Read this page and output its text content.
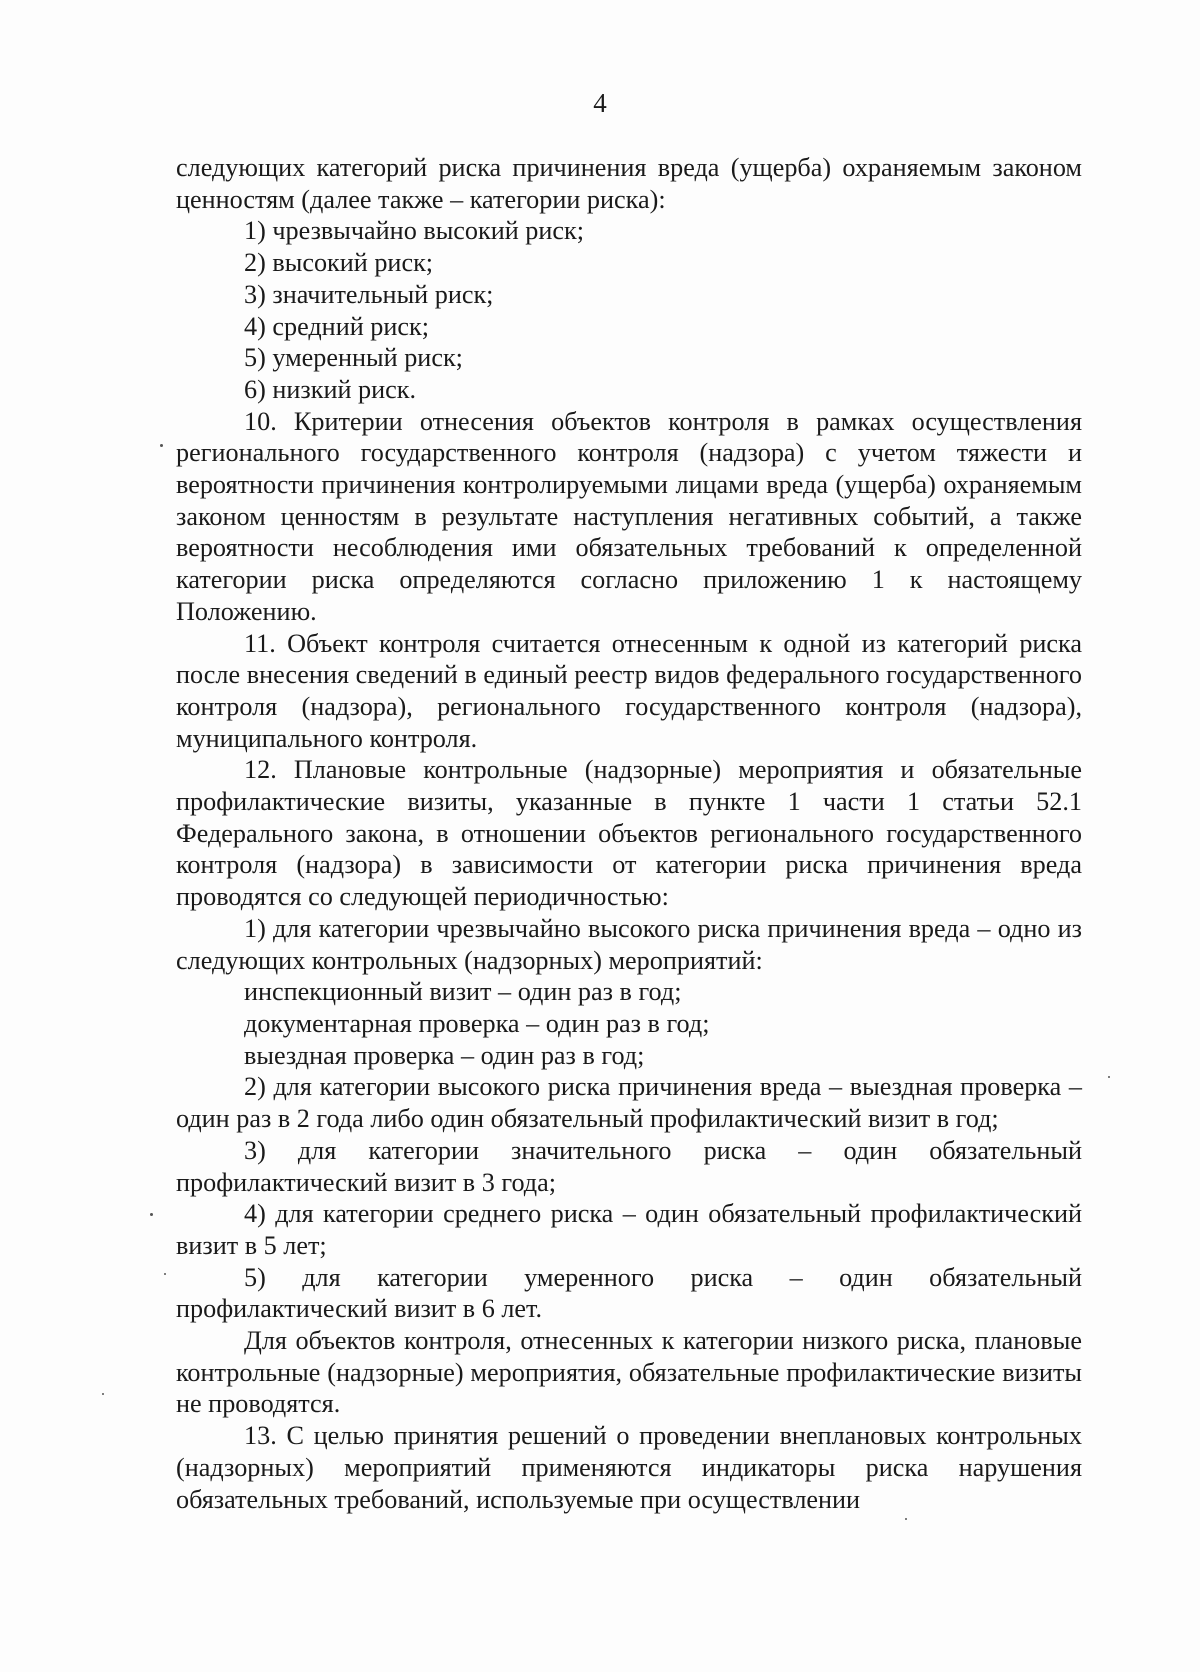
4

следующих категорий риска причинения вреда (ущерба) охраняемым законом ценностям (далее также – категории риска):

1) чрезвычайно высокий риск;

2) высокий риск;

3) значительный риск;

4) средний риск;

5) умеренный риск;

6) низкий риск.

10. Критерии отнесения объектов контроля в рамках осуществления регионального государственного контроля (надзора) с учетом тяжести и вероятности причинения контролируемыми лицами вреда (ущерба) охраняемым законом ценностям в результате наступления негативных событий, а также вероятности несоблюдения ими обязательных требований к определенной категории риска определяются согласно приложению 1 к настоящему Положению.

11. Объект контроля считается отнесенным к одной из категорий риска после внесения сведений в единый реестр видов федерального государственного контроля (надзора), регионального государственного контроля (надзора), муниципального контроля.

12. Плановые контрольные (надзорные) мероприятия и обязательные профилактические визиты, указанные в пункте 1 части 1 статьи 52.1 Федерального закона, в отношении объектов регионального государственного контроля (надзора) в зависимости от категории риска причинения вреда проводятся со следующей периодичностью:

1) для категории чрезвычайно высокого риска причинения вреда – одно из следующих контрольных (надзорных) мероприятий:

инспекционный визит – один раз в год;

документарная проверка – один раз в год;

выездная проверка – один раз в год;

2) для категории высокого риска причинения вреда – выездная проверка – один раз в 2 года либо один обязательный профилактический визит в год;

3) для категории значительного риска – один обязательный профилактический визит в 3 года;

4) для категории среднего риска – один обязательный профилактический визит в 5 лет;

5) для категории умеренного риска – один обязательный профилактический визит в 6 лет.

Для объектов контроля, отнесенных к категории низкого риска, плановые контрольные (надзорные) мероприятия, обязательные профилактические визиты не проводятся.

13. С целью принятия решений о проведении внеплановых контрольных (надзорных) мероприятий применяются индикаторы риска нарушения обязательных требований, используемые при осуществлении
